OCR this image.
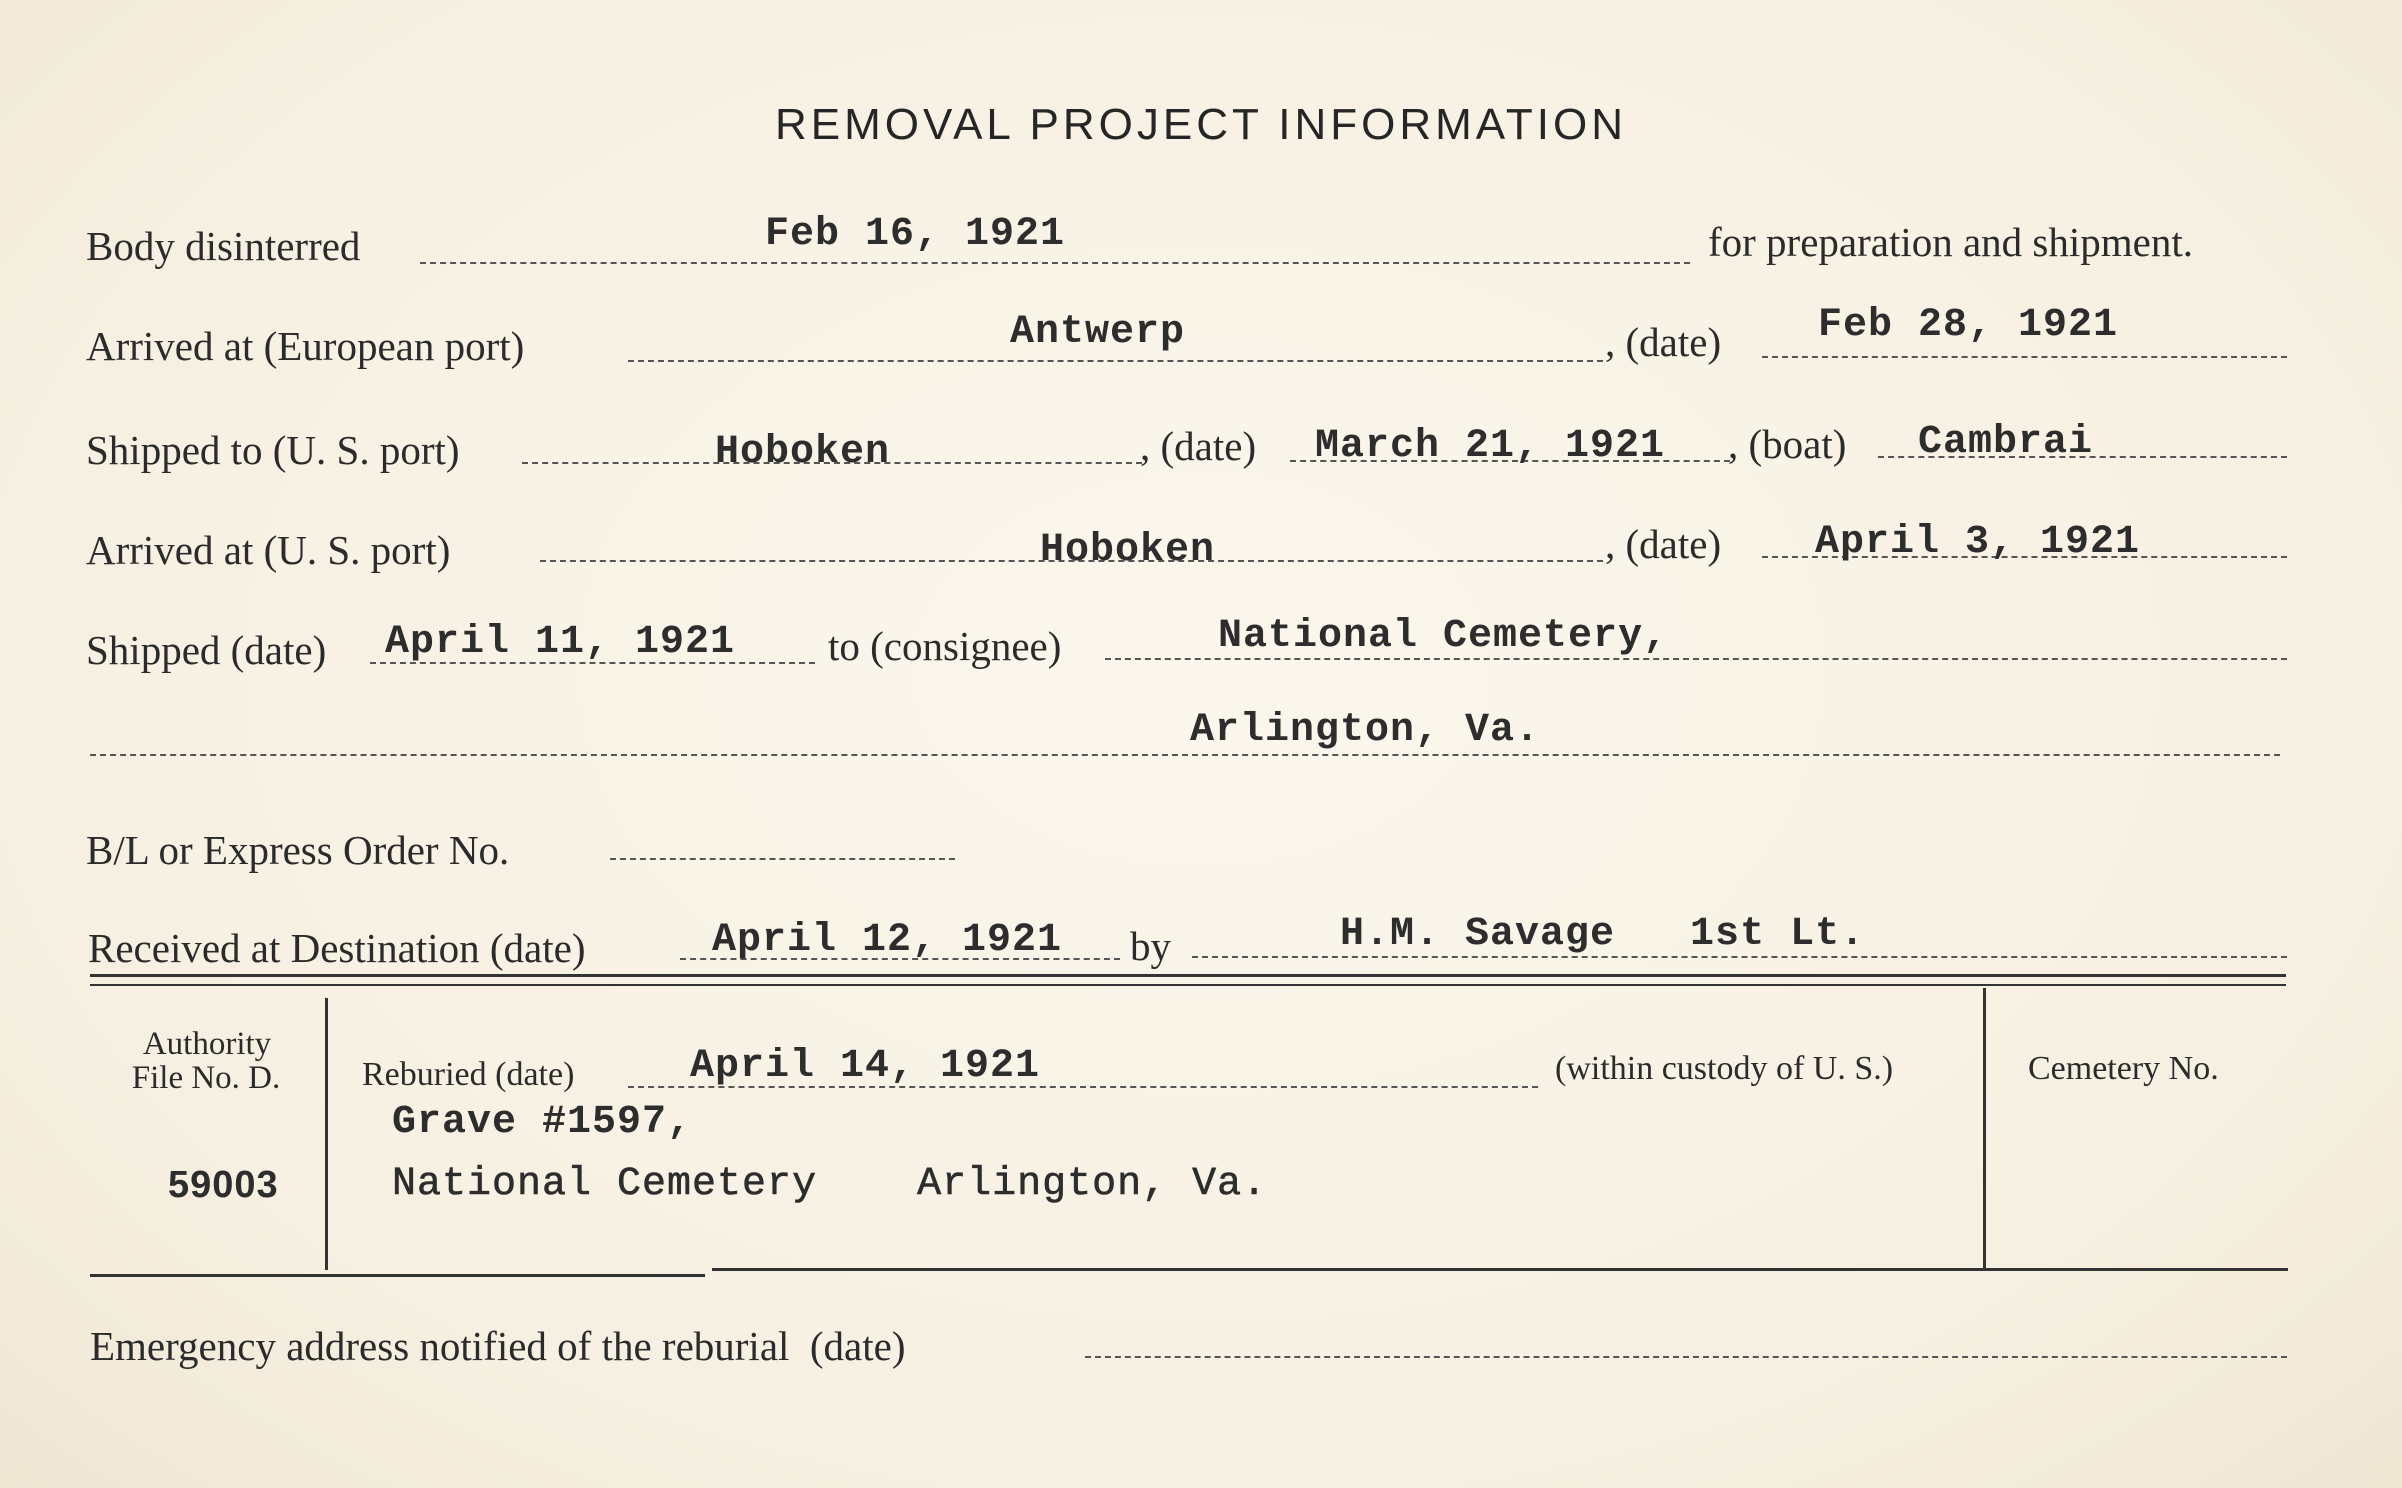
REMOVAL PROJECT INFORMATION
Body disinterred	Feb 16, 1921	for preparation and shipment.
Arrived at (European port)	Antwerp	, (date) Feb 28, 1921
Shipped to (U. S. port)	Hoboken	, (date) March 21, 1921 , (boat) Cambrai
Arrived at (U. S. port)	Hoboken	, (date) April 3, 1921
Shipped (date) April 11, 1921 to (consignee)	National Cemetery,
Arlington, Va.
B/L or Express Order No.
Received at Destination (date)	April 12, 1921 by	H.M. Savage   1st Lt.
Authority
File No. D.
59003
Reburied (date)	April 14, 1921	(within custody of U. S.)
Grave #1597,
National Cemetery    Arlington, Va.
Cemetery No.
Emergency address notified of the reburial  (date)
